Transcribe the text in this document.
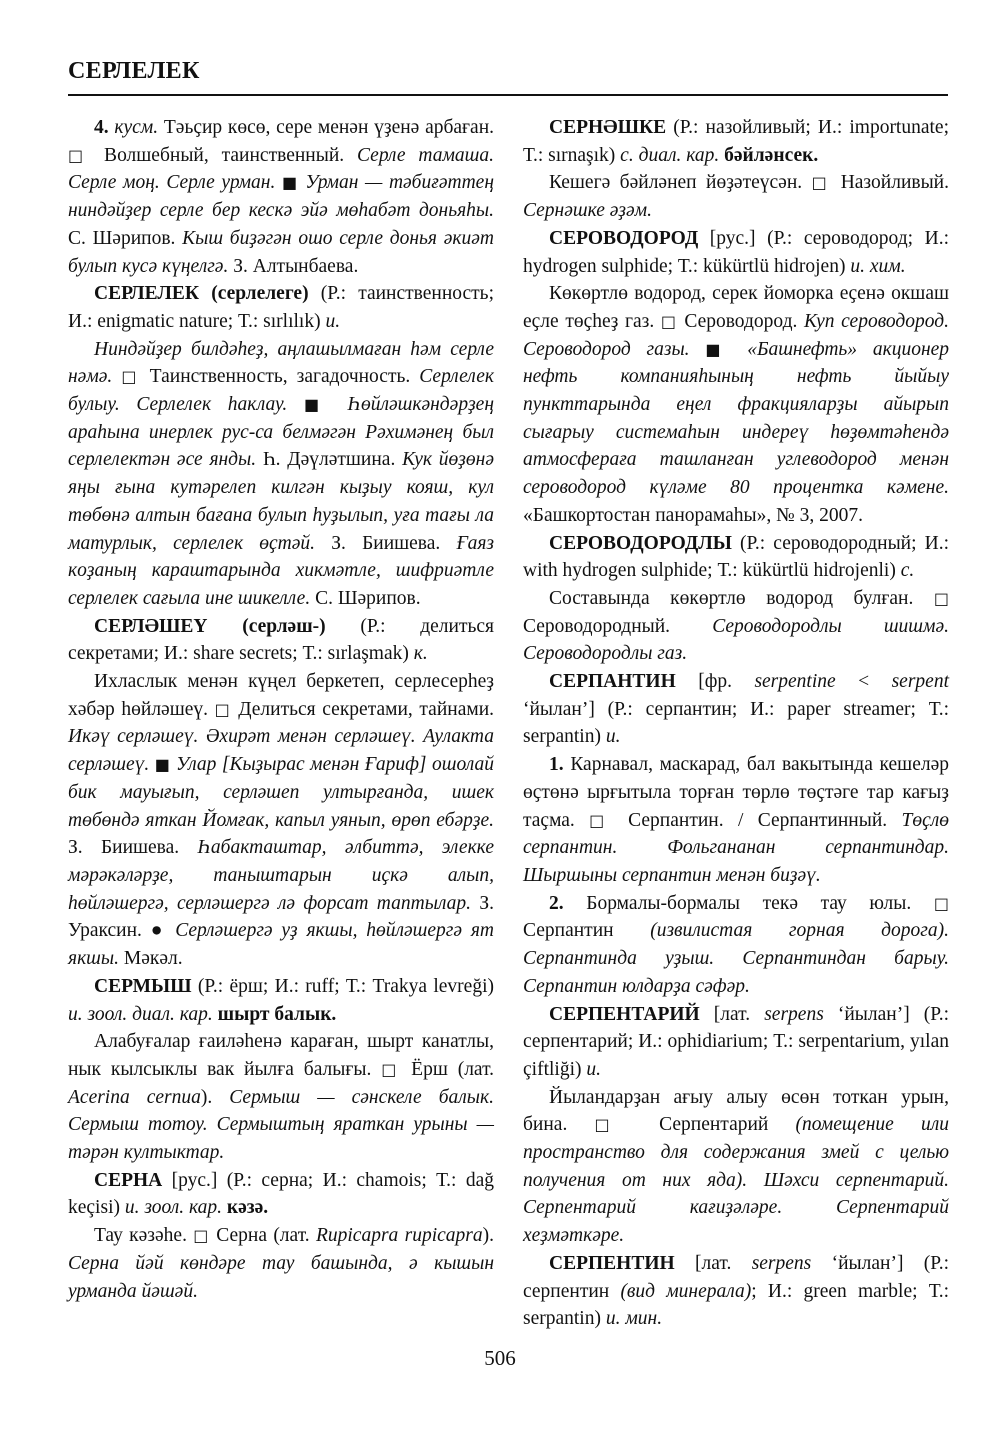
СЕРЛЕЛЕК

4. кусм. Тәьҫир көсө, сере менән үҙенә арбаған. □ Волшебный, таинственный. Серле тамаша. Серле моң. Серле урман. ■ Урман — тәбиғәттең ниндәйҙер серле бер кескә эйә мөһабәт доньяһы. С. Шәрипов. Кыш биҙәгән ошо серле донья әкиәт булып кусә күңелгә. З. Алтынбаева.

СЕРЛЕЛЕК (серлелеге) (Р.: таинственность; И.: enigmatic nature; Т.: sırlılık) и.

Ниндәйҙер билдәһеҙ, аңлашылмаған һәм серле нәмә. □ Таинственность, загадочность. Серлелек булыу. Серлелек һаклау. ■ Һөйләшкәндәрҙең араһына инерлек рус-са белмәгән Рәхимәнең был серлелектән әсе янды. Һ. Дәүләтшина. Кук йөҙөнә яңы ғына кутәрелеп килгән кыҙыу кояш, кул төбөнә алтын бағана булып һуҙылып, уға тағы ла матурлык, серлелек өҫтәй. З. Биишева. Ғаяз кoҙаның караштарында хикмәтле, шифриәтле серлелек сағыла ине шикелле. С. Шәрипов.

СЕРЛӘШЕҮ (серләш-) (Р.: делиться секретами; И.: share secrets; Т.: sırlaşmak) к.

Ихласлык менән күңел беркетеп, серлесерһеҙ хәбәр һөйләшеү. □ Делиться секретами, тайнами. Икәү серләшеү. Әхирәт менән серләшеү. Аулакта серләшеү. ■ Улар [Кыҙырас менән Ғариф] ошолай бик мауығып, серләшеп ултырғанда, ишек төбөндә яткан Йомғак, капыл уянып, өрөп ебәрҙе. З. Биишева. Һабакташтар, әлбиттә, элекке мәрәкәләрҙе, таныштарын иҫкә алып, һөйләшергә, серләшергә лә форсат таптылар. З. Ураксин. ● Серләшергә уҙ якшы, һөйләшергә ят якшы. Мәкәл.

СЕРМЫШ (Р.: ёрш; И.: ruff; Т.: Trakya levreği) и. зоол. диал. кар. шырт балык.

Алабуғалар ғаиләһенә караған, шырт канатлы, нык кылсыклы вак йылға балығы. □ Ёрш (лат. Acerina cernua). Сермыш — сәнскеле балык. Сермыш тотоу. Сермыштың яраткан урыны — тәрән култыктар.

СЕРНА [рус.] (Р.: серна; И.: chamois; Т.: dağ keçisi) и. зоол. кар. кәзә.

Тау кәзәһе. □ Серна (лат. Rupicapra rupicapra). Серна йәй көндәре тау башында, ә кышын урманда йәшәй.

СЕРНӘШКЕ (Р.: назойливый; И.: importunate; Т.: sırnaşık) с. диал. кар. бәйләнсек.

Кешегә бәйләнеп йөҙәтеүсән. □ Назойливый. Сернәшке әҙәм.

СЕРОВОДОРОД [рус.] (Р.: сероводород; И.: hydrogen sulphide; Т.: kükürtlü hidrojen) и. хим.

Көкөртлө водород, серек йоморкa еҫенә окшаш еҫле төҫһеҙ газ. □ Сероводород. Куп сероводород. Сероводород газы. ■ «Башнефть» акционер нефть компанияһының нефть йыйыу пункттарында еңел фракцияларҙы айырып сығарыу системаһын индереү һөҙөмтәһендә атмосфераға ташланған углеводород менән сероводород күләме 80 процентка кәмене. «Башкортостан панорамаһы», № 3, 2007.

СЕРОВОДОРОДЛЫ (Р.: сероводородный; И.: with hydrogen sulphide; Т.: kükürtlü hidrojenli) с.

Составында көкөртлө водород булған. □ Сероводородный. Сероводородлы шишмә. Сероводородлы газ.

СЕРПАНТИН [фр. serpentine < serpent ‘йылан’] (Р.: серпантин; И.: paper streamer; Т.: serpantin) и.

1. Карнавал, маскарад, бал вакытында кешеләр өҫтөнә ырғытыла торған төрлө төҫтәге тар кағыҙ таҫма. □ Серпантин. / Серпантинный. Төҫлө серпантин. Фольгананан серпантиндар. Шыршыны серпантин менән биҙәү.

2. Бормалы-бормалы текә тау юлы. □ Серпантин (извилистая горная дорога). Серпантинда уҙыш. Серпантиндан барыу. Серпантин юлдарҙа сәфәр.

СЕРПЕНТАРИЙ [лат. serpens ‘йылан’] (Р.: серпентарий; И.: ophidiarium; Т.: serpentarium, yılan çiftliği) и.

Йыландарҙан ағыу алыу өсөн тоткан урын, бина. □ Серпентарий (помещение или пространство для содержания змей с целью получения от них яда). Шәхси серпентарий. Серпентарий кағиҙәләре. Серпентарий хеҙмәткәре.

СЕРПЕНТИН [лат. serpens ‘йылан’] (Р.: серпентин (вид минерала); И.: green marble; Т.: serpantin) и. мин.

506
